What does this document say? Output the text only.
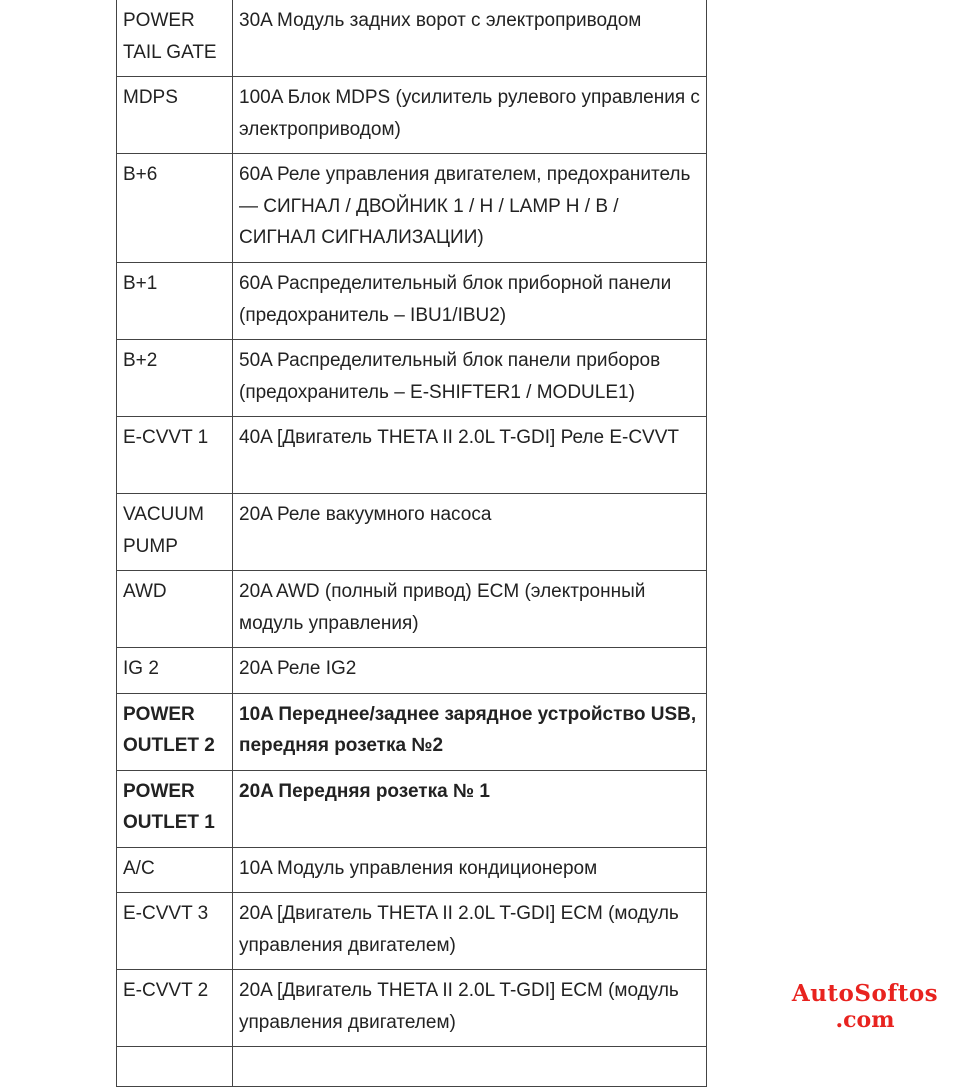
POWER TAIL GATE	30A Модуль задних ворот с электроприводом
MDPS	100A Блок MDPS (усилитель рулевого управления с электроприводом)
B+6	60A Реле управления двигателем, предохранитель — СИГНАЛ / ДВОЙНИК 1 / H / LAMP H / B / СИГНАЛ СИГНАЛИЗАЦИИ)
B+1	60A Распределительный блок приборной панели (предохранитель – IBU1/IBU2)
B+2	50A Распределительный блок панели приборов (предохранитель – E-SHIFTER1 / MODULE1)
E-CVVT 1	40A [Двигатель THETA II 2.0L T-GDI] Реле E-CVVT
VACUUM PUMP	20A Реле вакуумного насоса
AWD	20A AWD (полный привод) ECM (электронный модуль управления)
IG 2	20A Реле IG2
POWER OUTLET 2	10A Переднее/заднее зарядное устройство USB, передняя розетка №2
POWER OUTLET 1	20A Передняя розетка № 1
A/C	10A Модуль управления кондиционером
E-CVVT 3	20A [Двигатель THETA II 2.0L T-GDI] ECM (модуль управления двигателем)
E-CVVT 2	20A [Двигатель THETA II 2.0L T-GDI] ECM (модуль управления двигателем)

AutoSoftos
.com
